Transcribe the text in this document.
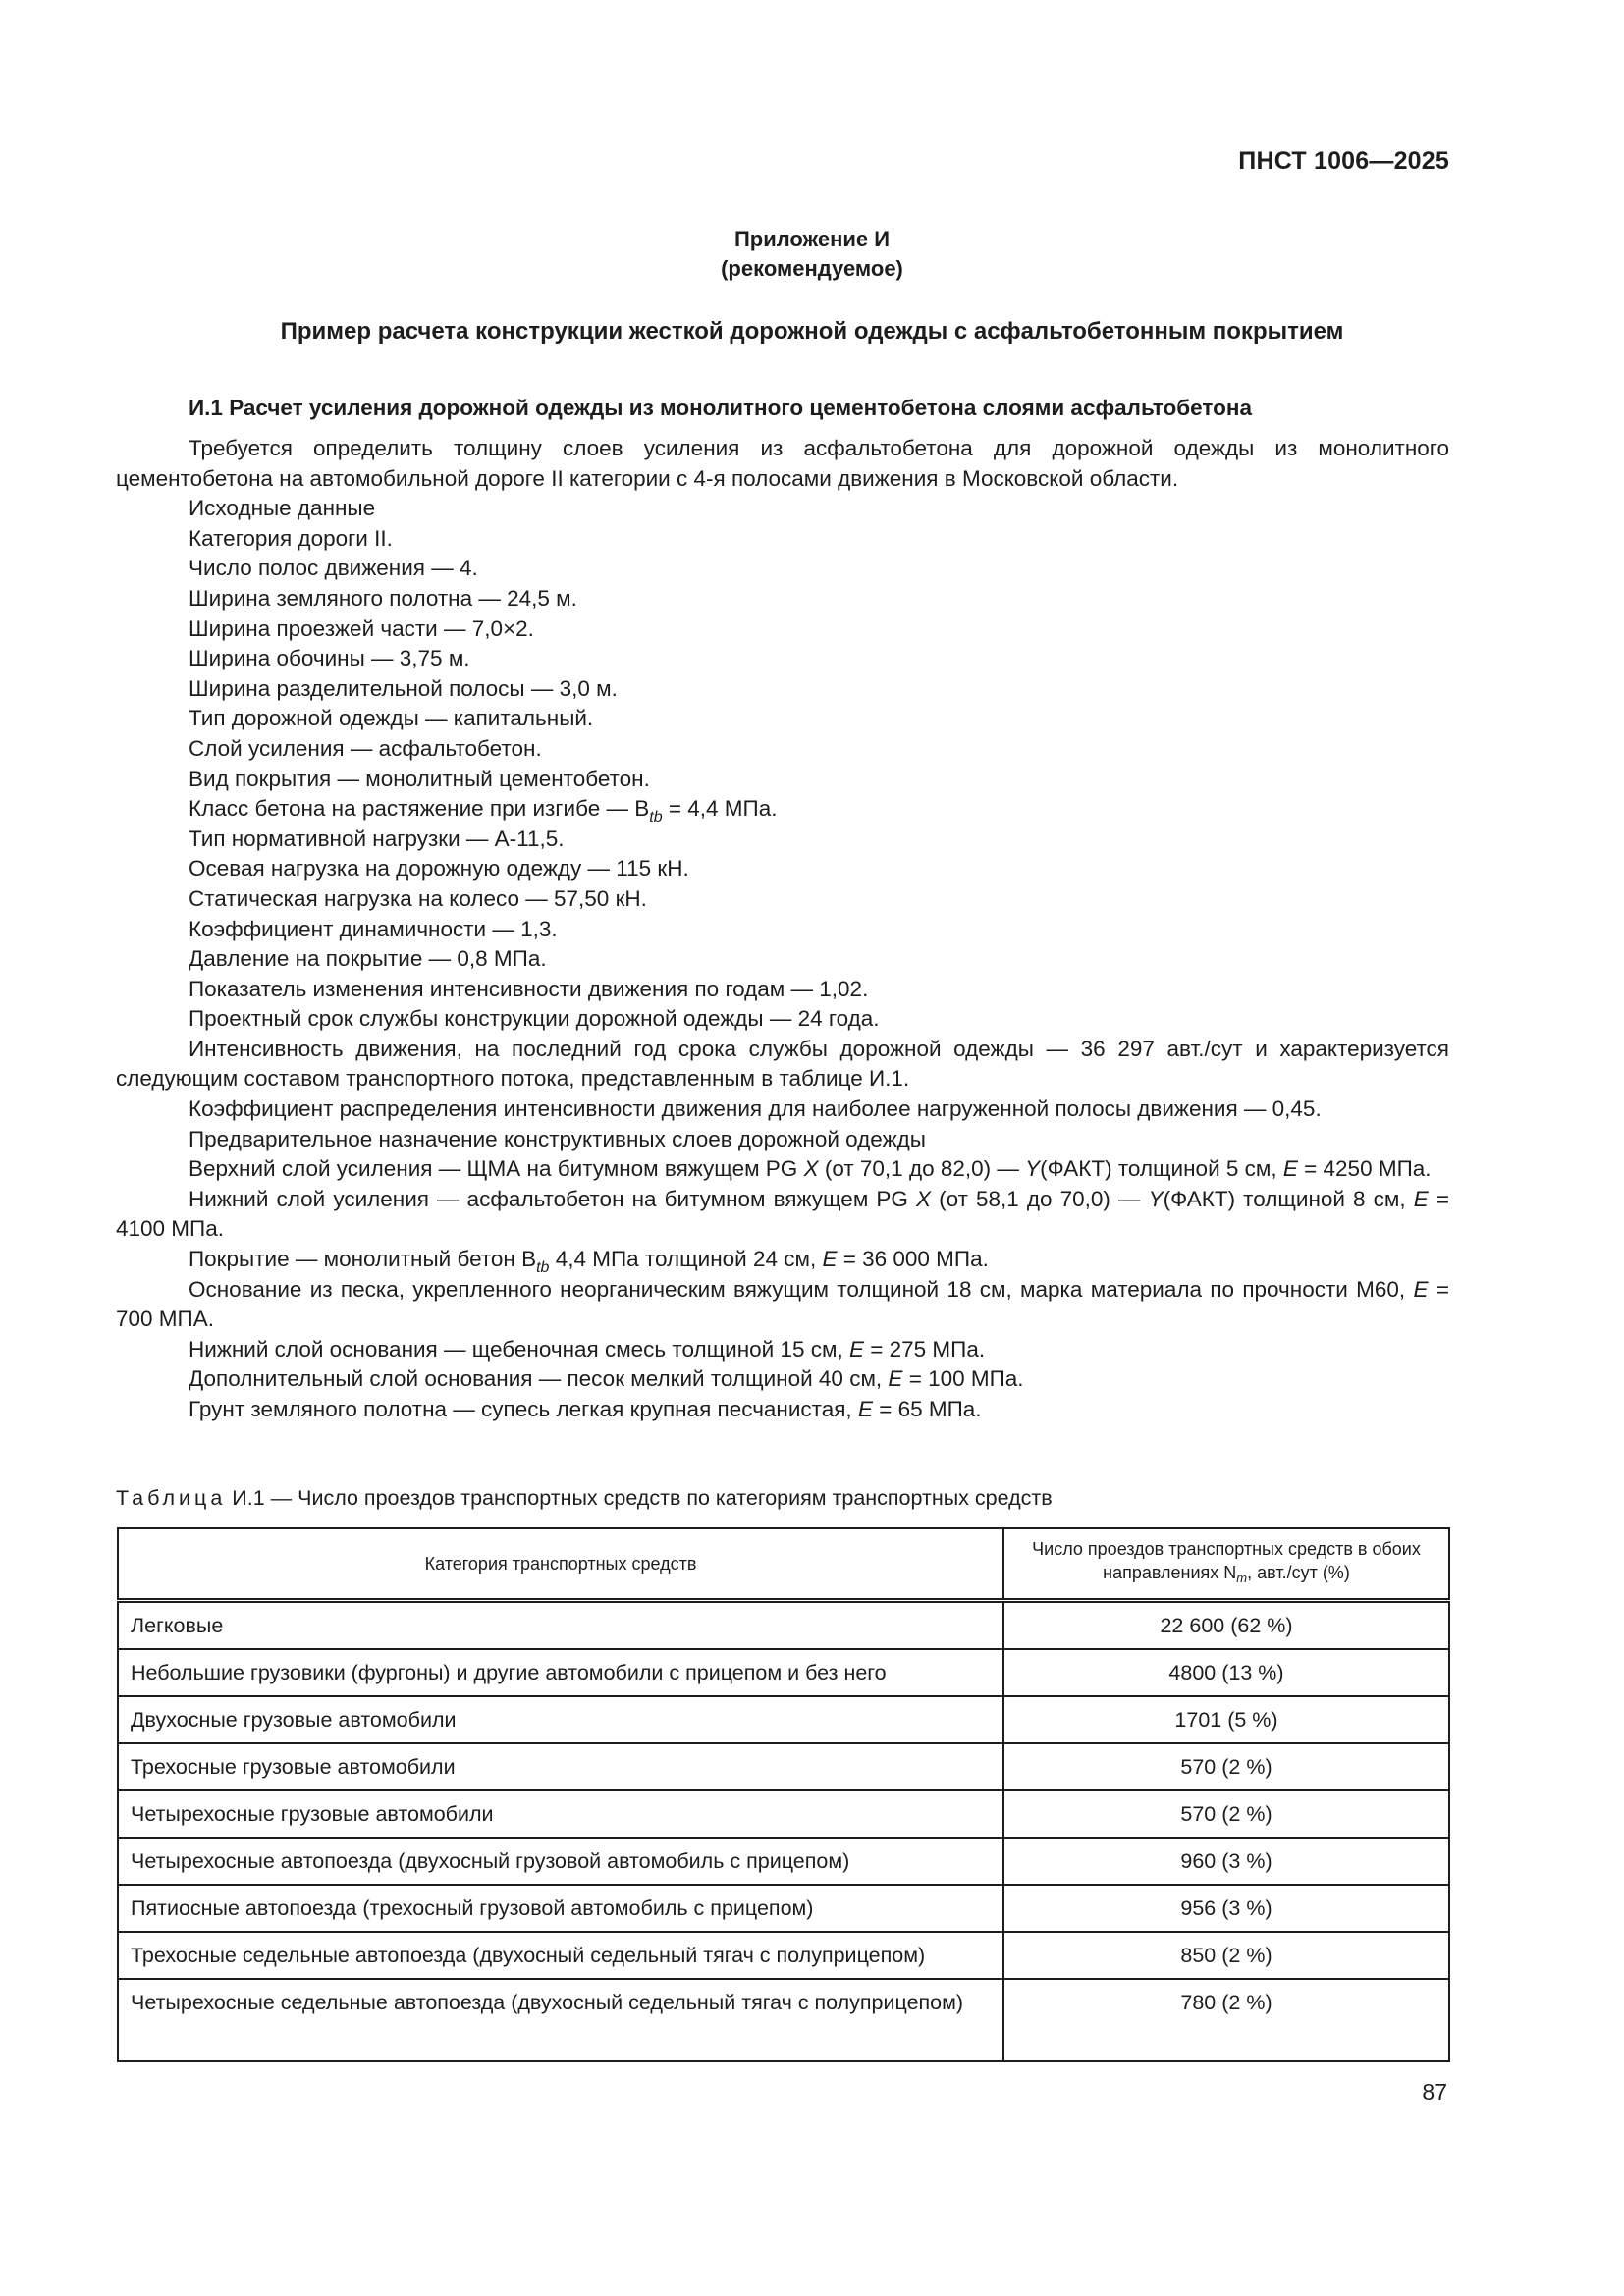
ПНСТ 1006—2025
Приложение И
(рекомендуемое)
Пример расчета конструкции жесткой дорожной одежды с асфальтобетонным покрытием
И.1 Расчет усиления дорожной одежды из монолитного цементобетона слоями асфальтобетона

Требуется определить толщину слоев усиления из асфальтобетона для дорожной одежды из монолитного цементобетона на автомобильной дороге II категории с 4-я полосами движения в Московской области.

Исходные данные

Категория дороги II.

Число полос движения — 4.

Ширина земляного полотна — 24,5 м.

Ширина проезжей части — 7,0×2.

Ширина обочины — 3,75 м.

Ширина разделительной полосы — 3,0 м.

Тип дорожной одежды — капитальный.

Слой усиления — асфальтобетон.

Вид покрытия — монолитный цементобетон.

Класс бетона на растяжение при изгибе — $B_{tb} = 4,4$ МПа.

Тип нормативной нагрузки — А-11,5.

Осевая нагрузка на дорожную одежду — 115 кН.

Статическая нагрузка на колесо — 57,50 кН.

Коэффициент динамичности — 1,3.

Давление на покрытие — 0,8 МПа.

Показатель изменения интенсивности движения по годам — 1,02.

Проектный срок службы конструкции дорожной одежды — 24 года.

Интенсивность движения, на последний год срока службы дорожной одежды — 36 297 авт./сут и характеризуется следующим составом транспортного потока, представленным в таблице И.1.

Коэффициент распределения интенсивности движения для наиболее нагруженной полосы движения — 0,45.

Предварительное назначение конструктивных слоев дорожной одежды

Верхний слой усиления — ЩМА на битумном вяжущем PG X (от 70,1 до 82,0) — Y(ФАКТ) толщиной 5 см, E = 4250 МПа.

Нижний слой усиления — асфальтобетон на битумном вяжущем PG X (от 58,1 до 70,0) — Y(ФАКТ) толщиной 8 см, E = 4100 МПа.

Покрытие — монолитный бетон $B_{tb}$ 4,4 МПа толщиной 24 см, E = 36 000 МПа.

Основание из песка, укрепленного неорганическим вяжущим толщиной 18 см, марка материала по прочности М60, E = 700 МПА.

Нижний слой основания — щебеночная смесь толщиной 15 см, E = 275 МПа.

Дополнительный слой основания — песок мелкий толщиной 40 см, E = 100 МПа.

Грунт земляного полотна — супесь легкая крупная песчанистая, E = 65 МПа.

Таблица И.1 — Число проездов транспортных средств по категориям транспортных средств
Категория транспортных средств	Число проездов транспортных средств в обоих направлениях $N_m$, авт./сут (%)
Легковые	22 600 (62 %)
Небольшие грузовики (фургоны) и другие автомобили с прицепом и без него	4800 (13 %)
Двухосные грузовые автомобили	1701 (5 %)
Трехосные грузовые автомобили	570 (2 %)
Четырехосные грузовые автомобили	570 (2 %)
Четырехосные автопоезда (двухосный грузовой автомобиль с прицепом)	960 (3 %)
Пятиосные автопоезда (трехосный грузовой автомобиль с прицепом)	956 (3 %)
Трехосные седельные автопоезда (двухосный седельный тягач с полуприцепом)	850 (2 %)
Четырехосные седельные автопоезда (двухосный седельный тягач с полуприцепом)	780 (2 %)
87
